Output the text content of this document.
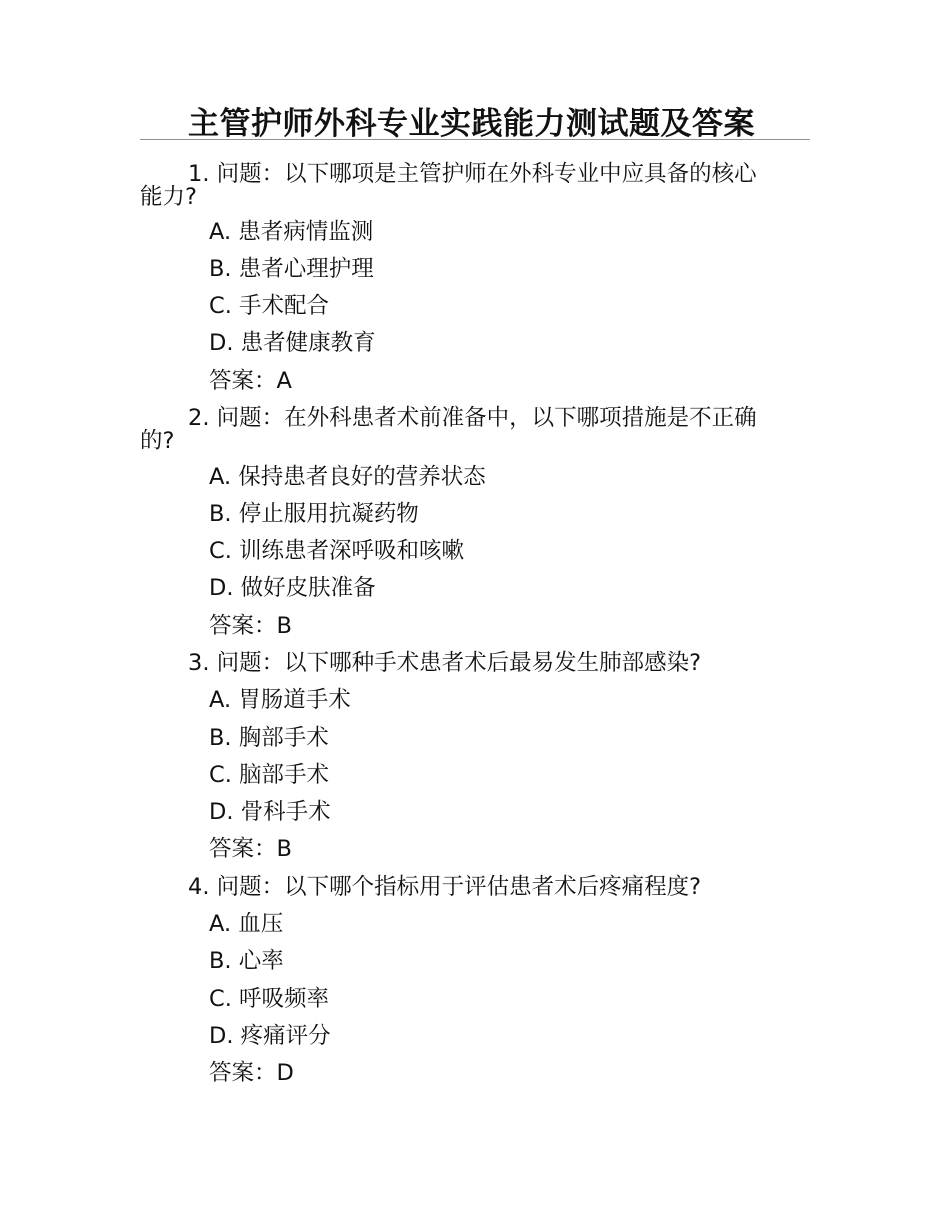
主管护师外科专业实践能力测试题及答案
1. 问题：以下哪项是主管护师在外科专业中应具备的核心
能力?
A. 患者病情监测
B. 患者心理护理
C. 手术配合
D. 患者健康教育
答案：A
2. 问题：在外科患者术前准备中，以下哪项措施是不正确
的?
A. 保持患者良好的营养状态
B. 停止服用抗凝药物
C. 训练患者深呼吸和咳嗽
D. 做好皮肤准备
答案：B
3. 问题：以下哪种手术患者术后最易发生肺部感染?
A. 胃肠道手术
B. 胸部手术
C. 脑部手术
D. 骨科手术
答案：B
4. 问题：以下哪个指标用于评估患者术后疼痛程度?
A. 血压
B. 心率
C. 呼吸频率
D. 疼痛评分
答案：D
